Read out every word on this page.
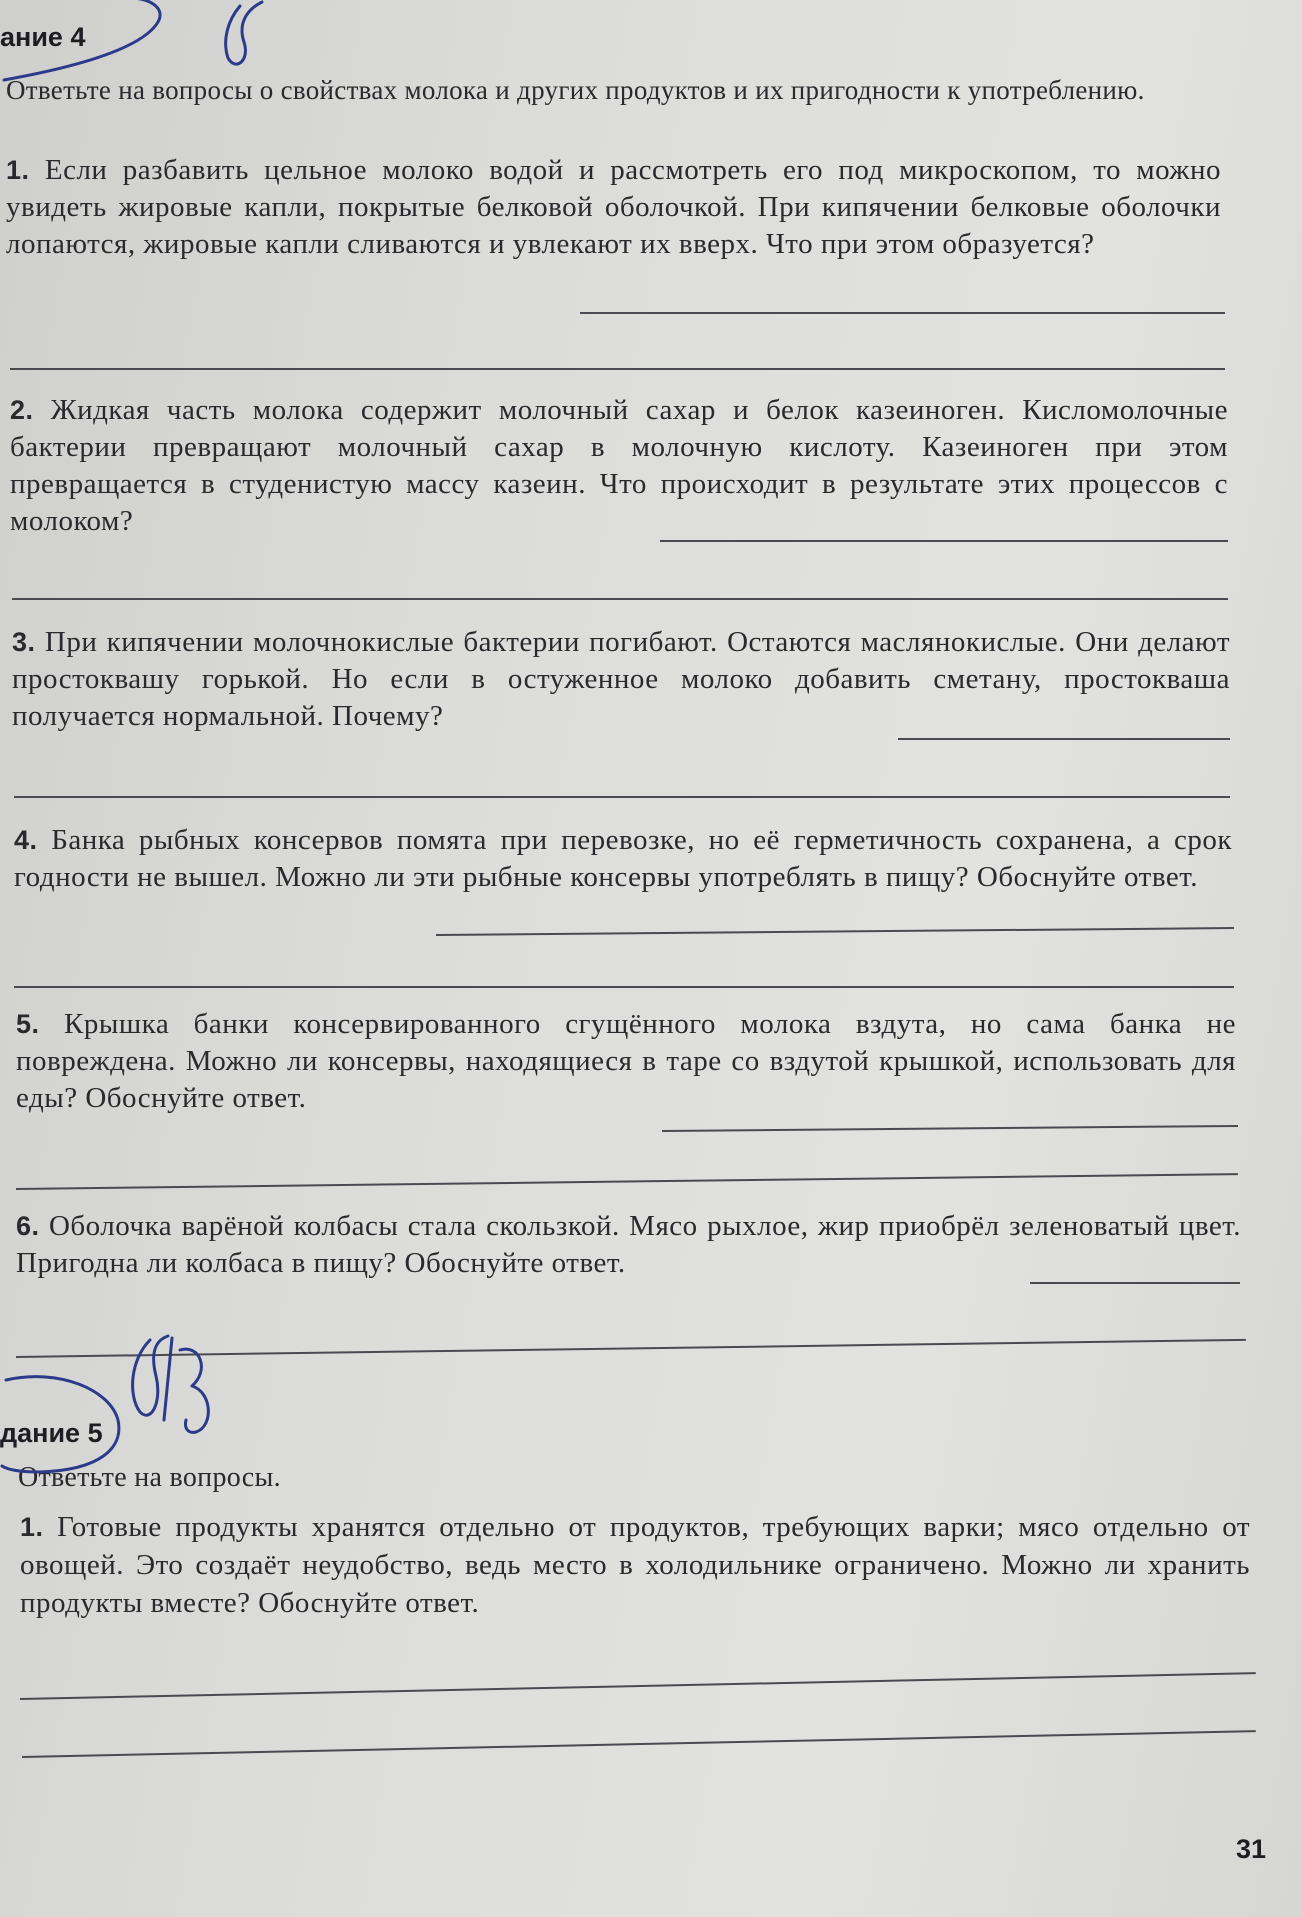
ание 4
Ответьте на вопросы о свойствах молока и других продуктов и их пригодности к употреблению.
1. Если разбавить цельное молоко водой и рассмотреть его под микроскопом, то можно увидеть жировые капли, покрытые белковой оболочкой. При кипячении белковые оболочки лопаются, жировые капли сливаются и увлекают их вверх. Что при этом образуется?
2. Жидкая часть молока содержит молочный сахар и белок казеиноген. Кисломолочные бактерии превращают молочный сахар в молочную кислоту. Казеиноген при этом превращается в студенистую массу казеин. Что происходит в результате этих процессов с молоком?
3. При кипячении молочнокислые бактерии погибают. Остаются маслянокислые. Они делают простоквашу горькой. Но если в остуженное молоко добавить сметану, простокваша получается нормальной. Почему?
4. Банка рыбных консервов помята при перевозке, но её герметичность сохранена, а срок годности не вышел. Можно ли эти рыбные консервы употреблять в пищу? Обоснуйте ответ.
5. Крышка банки консервированного сгущённого молока вздута, но сама банка не повреждена. Можно ли консервы, находящиеся в таре со вздутой крышкой, использовать для еды? Обоснуйте ответ.
6. Оболочка варёной колбасы стала скользкой. Мясо рыхлое, жир приобрёл зеленоватый цвет. Пригодна ли колбаса в пищу? Обоснуйте ответ.
дание 5
Ответьте на вопросы.
1. Готовые продукты хранятся отдельно от продуктов, требующих варки; мясо отдельно от овощей. Это создаёт неудобство, ведь место в холодильнике ограничено. Можно ли хранить продукты вместе? Обоснуйте ответ.
31
